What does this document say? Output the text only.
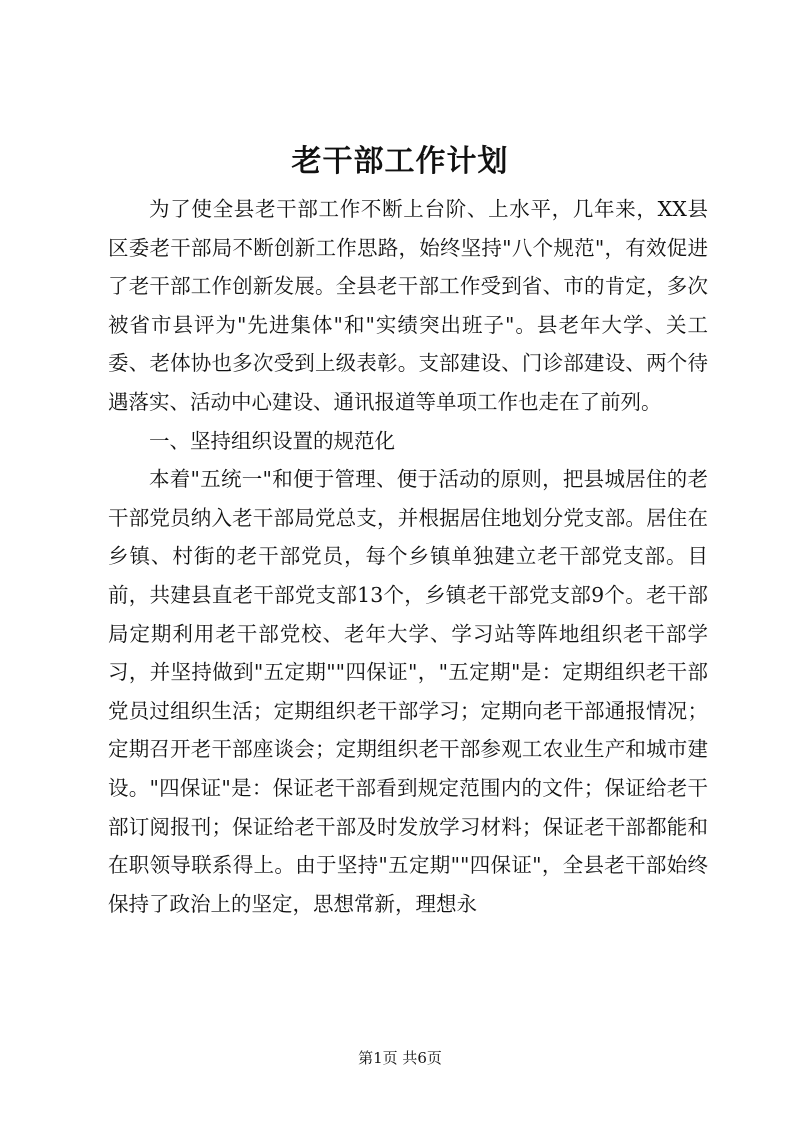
老干部工作计划

为了使全县老干部工作不断上台阶、上水平，几年来，XX县区委老干部局不断创新工作思路，始终坚持"八个规范"，有效促进了老干部工作创新发展。全县老干部工作受到省、市的肯定，多次被省市县评为"先进集体"和"实绩突出班子"。县老年大学、关工委、老体协也多次受到上级表彰。支部建设、门诊部建设、两个待遇落实、活动中心建设、通讯报道等单项工作也走在了前列。

一、坚持组织设置的规范化

本着"五统一"和便于管理、便于活动的原则，把县城居住的老干部党员纳入老干部局党总支，并根据居住地划分党支部。居住在乡镇、村街的老干部党员，每个乡镇单独建立老干部党支部。目前，共建县直老干部党支部13个，乡镇老干部党支部9个。老干部局定期利用老干部党校、老年大学、学习站等阵地组织老干部学习，并坚持做到"五定期""四保证"，"五定期"是：定期组织老干部党员过组织生活；定期组织老干部学习；定期向老干部通报情况；定期召开老干部座谈会；定期组织老干部参观工农业生产和城市建设。"四保证"是：保证老干部看到规定范围内的文件；保证给老干部订阅报刊；保证给老干部及时发放学习材料；保证老干部都能和在职领导联系得上。由于坚持"五定期""四保证"，全县老干部始终保持了政治上的坚定，思想常新，理想永

第1页 共6页
